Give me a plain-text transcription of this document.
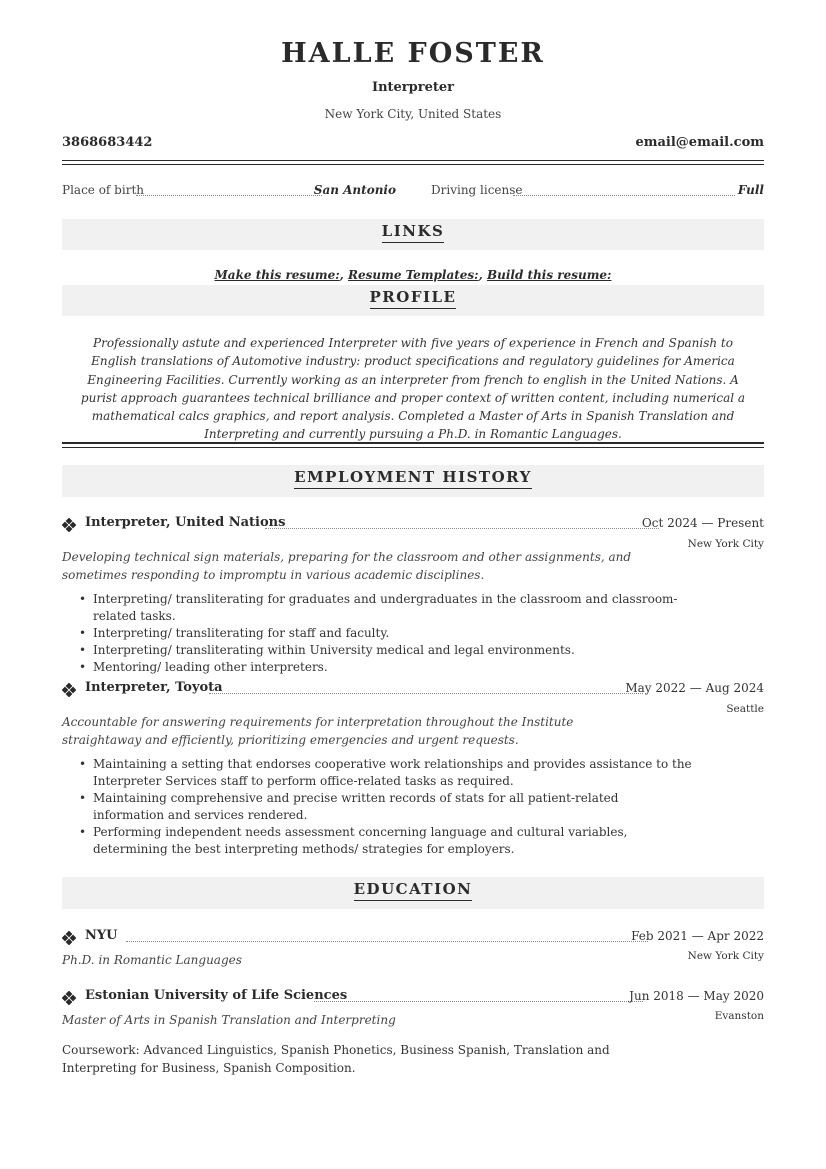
HALLE FOSTER
Interpreter
New York City, United States
3868683442	email@email.com
Place of birth	San Antonio	Driving license	Full
LINKS
Make this resume:, Resume Templates:, Build this resume:
PROFILE
Professionally astute and experienced Interpreter with five years of experience in French and Spanish to English translations of Automotive industry: product specifications and regulatory guidelines for America Engineering Facilities. Currently working as an interpreter from french to english in the United Nations. A purist approach guarantees technical brilliance and proper context of written content, including numerical a mathematical calcs graphics, and report analysis. Completed a Master of Arts in Spanish Translation and Interpreting and currently pursuing a Ph.D. in Romantic Languages.
EMPLOYMENT HISTORY
Interpreter, United Nations	Oct 2024 — Present
New York City
Developing technical sign materials, preparing for the classroom and other assignments, and sometimes responding to impromptu in various academic disciplines.
• Interpreting/ transliterating for graduates and undergraduates in the classroom and classroom-related tasks.
• Interpreting/ transliterating for staff and faculty.
• Interpreting/ transliterating within University medical and legal environments.
• Mentoring/ leading other interpreters.
Interpreter, Toyota	May 2022 — Aug 2024
Seattle
Accountable for answering requirements for interpretation throughout the Institute straightaway and efficiently, prioritizing emergencies and urgent requests.
• Maintaining a setting that endorses cooperative work relationships and provides assistance to the Interpreter Services staff to perform office-related tasks as required.
• Maintaining comprehensive and precise written records of stats for all patient-related information and services rendered.
• Performing independent needs assessment concerning language and cultural variables, determining the best interpreting methods/ strategies for employers.
EDUCATION
NYU	Feb 2021 — Apr 2022
New York City
Ph.D. in Romantic Languages
Estonian University of Life Sciences	Jun 2018 — May 2020
Evanston
Master of Arts in Spanish Translation and Interpreting
Coursework: Advanced Linguistics, Spanish Phonetics, Business Spanish, Translation and Interpreting for Business, Spanish Composition.
